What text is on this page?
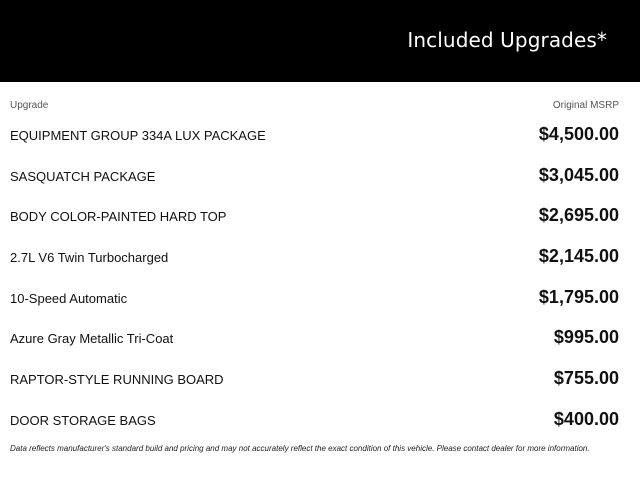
Included Upgrades*
Upgrade	Original MSRP
EQUIPMENT GROUP 334A LUX PACKAGE	$4,500.00
SASQUATCH PACKAGE	$3,045.00
BODY COLOR-PAINTED HARD TOP	$2,695.00
2.7L V6 Twin Turbocharged	$2,145.00
10-Speed Automatic	$1,795.00
Azure Gray Metallic Tri-Coat	$995.00
RAPTOR-STYLE RUNNING BOARD	$755.00
DOOR STORAGE BAGS	$400.00
Data reflects manufacturer's standard build and pricing and may not accurately reflect the exact condition of this vehicle. Please contact dealer for more information.
